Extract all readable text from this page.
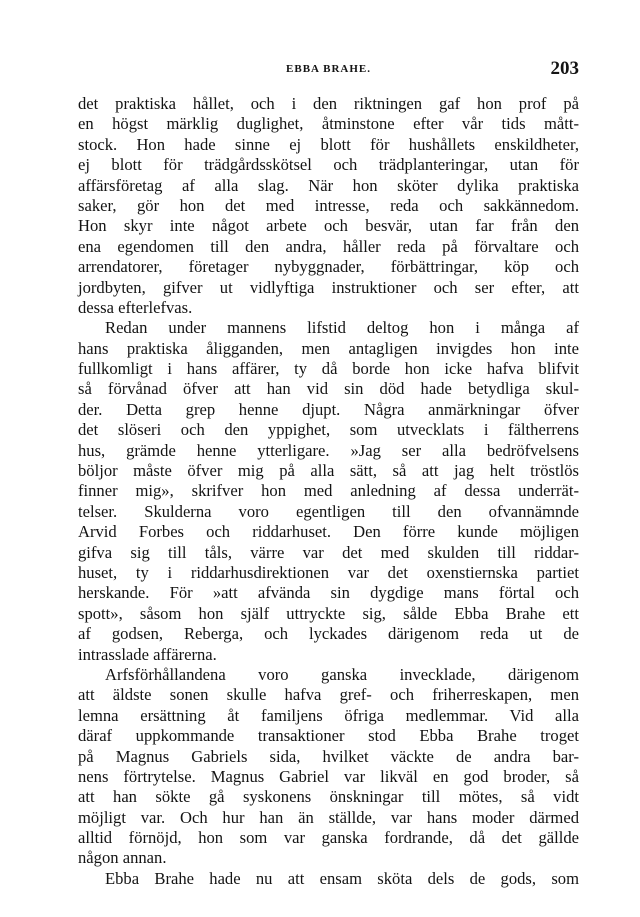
EBBA BRAHE.	203
det praktiska hållet, och i den riktningen gaf hon prof på
en högst märklig duglighet, åtminstone efter vår tids mått-
stock. Hon hade sinne ej blott för hushållets enskildheter,
ej blott för trädgårdsskötsel och trädplanteringar, utan för
affärsföretag af alla slag. När hon sköter dylika praktiska
saker, gör hon det med intresse, reda och sakkännedom.
Hon skyr inte något arbete och besvär, utan far från den
ena egendomen till den andra, håller reda på förvaltare och
arrendatorer, företager nybyggnader, förbättringar, köp och
jordbyten, gifver ut vidlyftiga instruktioner och ser efter, att
dessa efterlefvas.
Redan under mannens lifstid deltog hon i många af
hans praktiska åligganden, men antagligen invigdes hon inte
fullkomligt i hans affärer, ty då borde hon icke hafva blifvit
så förvånad öfver att han vid sin död hade betydliga skul-
der. Detta grep henne djupt. Några anmärkningar öfver
det slöseri och den yppighet, som utvecklats i fältherrens
hus, grämde henne ytterligare. »Jag ser alla bedröfvelsens
böljor måste öfver mig på alla sätt, så att jag helt tröstlös
finner mig», skrifver hon med anledning af dessa underrät-
telser. Skulderna voro egentligen till den ofvannämnde
Arvid Forbes och riddarhuset. Den förre kunde möjligen
gifva sig till tåls, värre var det med skulden till riddar-
huset, ty i riddarhusdirektionen var det oxenstiernska partiet
herskande. För »att afvända sin dygdige mans förtal och
spott», såsom hon själf uttryckte sig, sålde Ebba Brahe ett
af godsen, Reberga, och lyckades därigenom reda ut de
intrasslade affärerna.
Arfsförhållandena voro ganska invecklade, därigenom
att äldste sonen skulle hafva gref- och friherreskapen, men
lemna ersättning åt familjens öfriga medlemmar. Vid alla
däraf uppkommande transaktioner stod Ebba Brahe troget
på Magnus Gabriels sida, hvilket väckte de andra bar-
nens förtrytelse. Magnus Gabriel var likväl en god broder, så
att han sökte gå syskonens önskningar till mötes, så vidt
möjligt var. Och hur han än ställde, var hans moder därmed
alltid förnöjd, hon som var ganska fordrande, då det gällde
någon annan.
Ebba Brahe hade nu att ensam sköta dels de gods, som
